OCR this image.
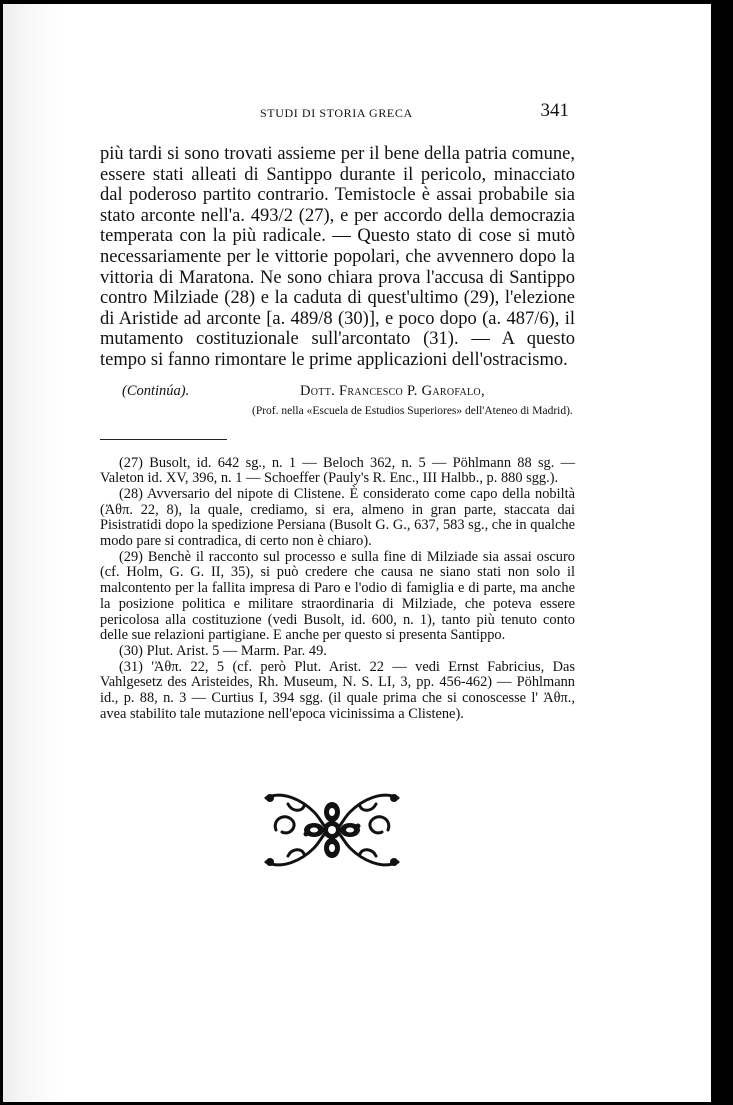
STUDI DI STORIA GRECA	341

più tardi si sono trovati assieme per il bene della patria comune, essere stati alleati di Santippo durante il pericolo, minacciato dal poderoso partito contrario. Temistocle è assai probabile sia stato arconte nell'a. 493/2 (27), e per accordo della democrazia temperata con la più radicale. — Questo stato di cose si mutò necessariamente per le vittorie popolari, che avvennero dopo la vittoria di Maratona. Ne sono chiara prova l'accusa di Santippo contro Milziade (28) e la caduta di quest'ultimo (29), l'elezione di Aristide ad arconte [a. 489/8 (30)], e poco dopo (a. 487/6), il mutamento costituzionale sull'arcontato (31). — A questo tempo si fanno rimontare le prime applicazioni dell'ostracismo.

(Continúa).	Dott. Francesco P. Garofalo,
(Prof. nella «Escuela de Estudios Superiores» dell'Ateneo di Madrid).

(27) Busolt, id. 642 sg., n. 1 — Beloch 362, n. 5 — Pöhlmann 88 sg. — Valeton id. XV, 396, n. 1 — Schoeffer (Pauly's R. Enc., III Halbb., p. 880 sgg.).

(28) Avversario del nipote di Clistene. È considerato come capo della nobiltà (Ἀθπ. 22, 8), la quale, crediamo, si era, almeno in gran parte, staccata dai Pisistratidi dopo la spedizione Persiana (Busolt G. G., 637, 583 sg., che in qualche modo pare si contradica, di certo non è chiaro).

(29) Benchè il racconto sul processo e sulla fine di Milziade sia assai oscuro (cf. Holm, G. G. II, 35), si può credere che causa ne siano stati non solo il malcontento per la fallita impresa di Paro e l'odio di famiglia e di parte, ma anche la posizione politica e militare straordinaria di Milziade, che poteva essere pericolosa alla costituzione (vedi Busolt, id. 600, n. 1), tanto più tenuto conto delle sue relazioni partigiane. E anche per questo si presenta Santippo.

(30) Plut. Arist. 5 — Marm. Par. 49.

(31) 'Ἀθπ. 22, 5 (cf. però Plut. Arist. 22 — vedi Ernst Fabricius, Das Vahlgesetz des Aristeides, Rh. Museum, N. S. LI, 3, pp. 456-462) — Pöhlmann id., p. 88, n. 3 — Curtius I, 394 sgg. (il quale prima che si conoscesse l' Ἀθπ., avea stabilito tale mutazione nell'epoca vicinissima a Clistene).
